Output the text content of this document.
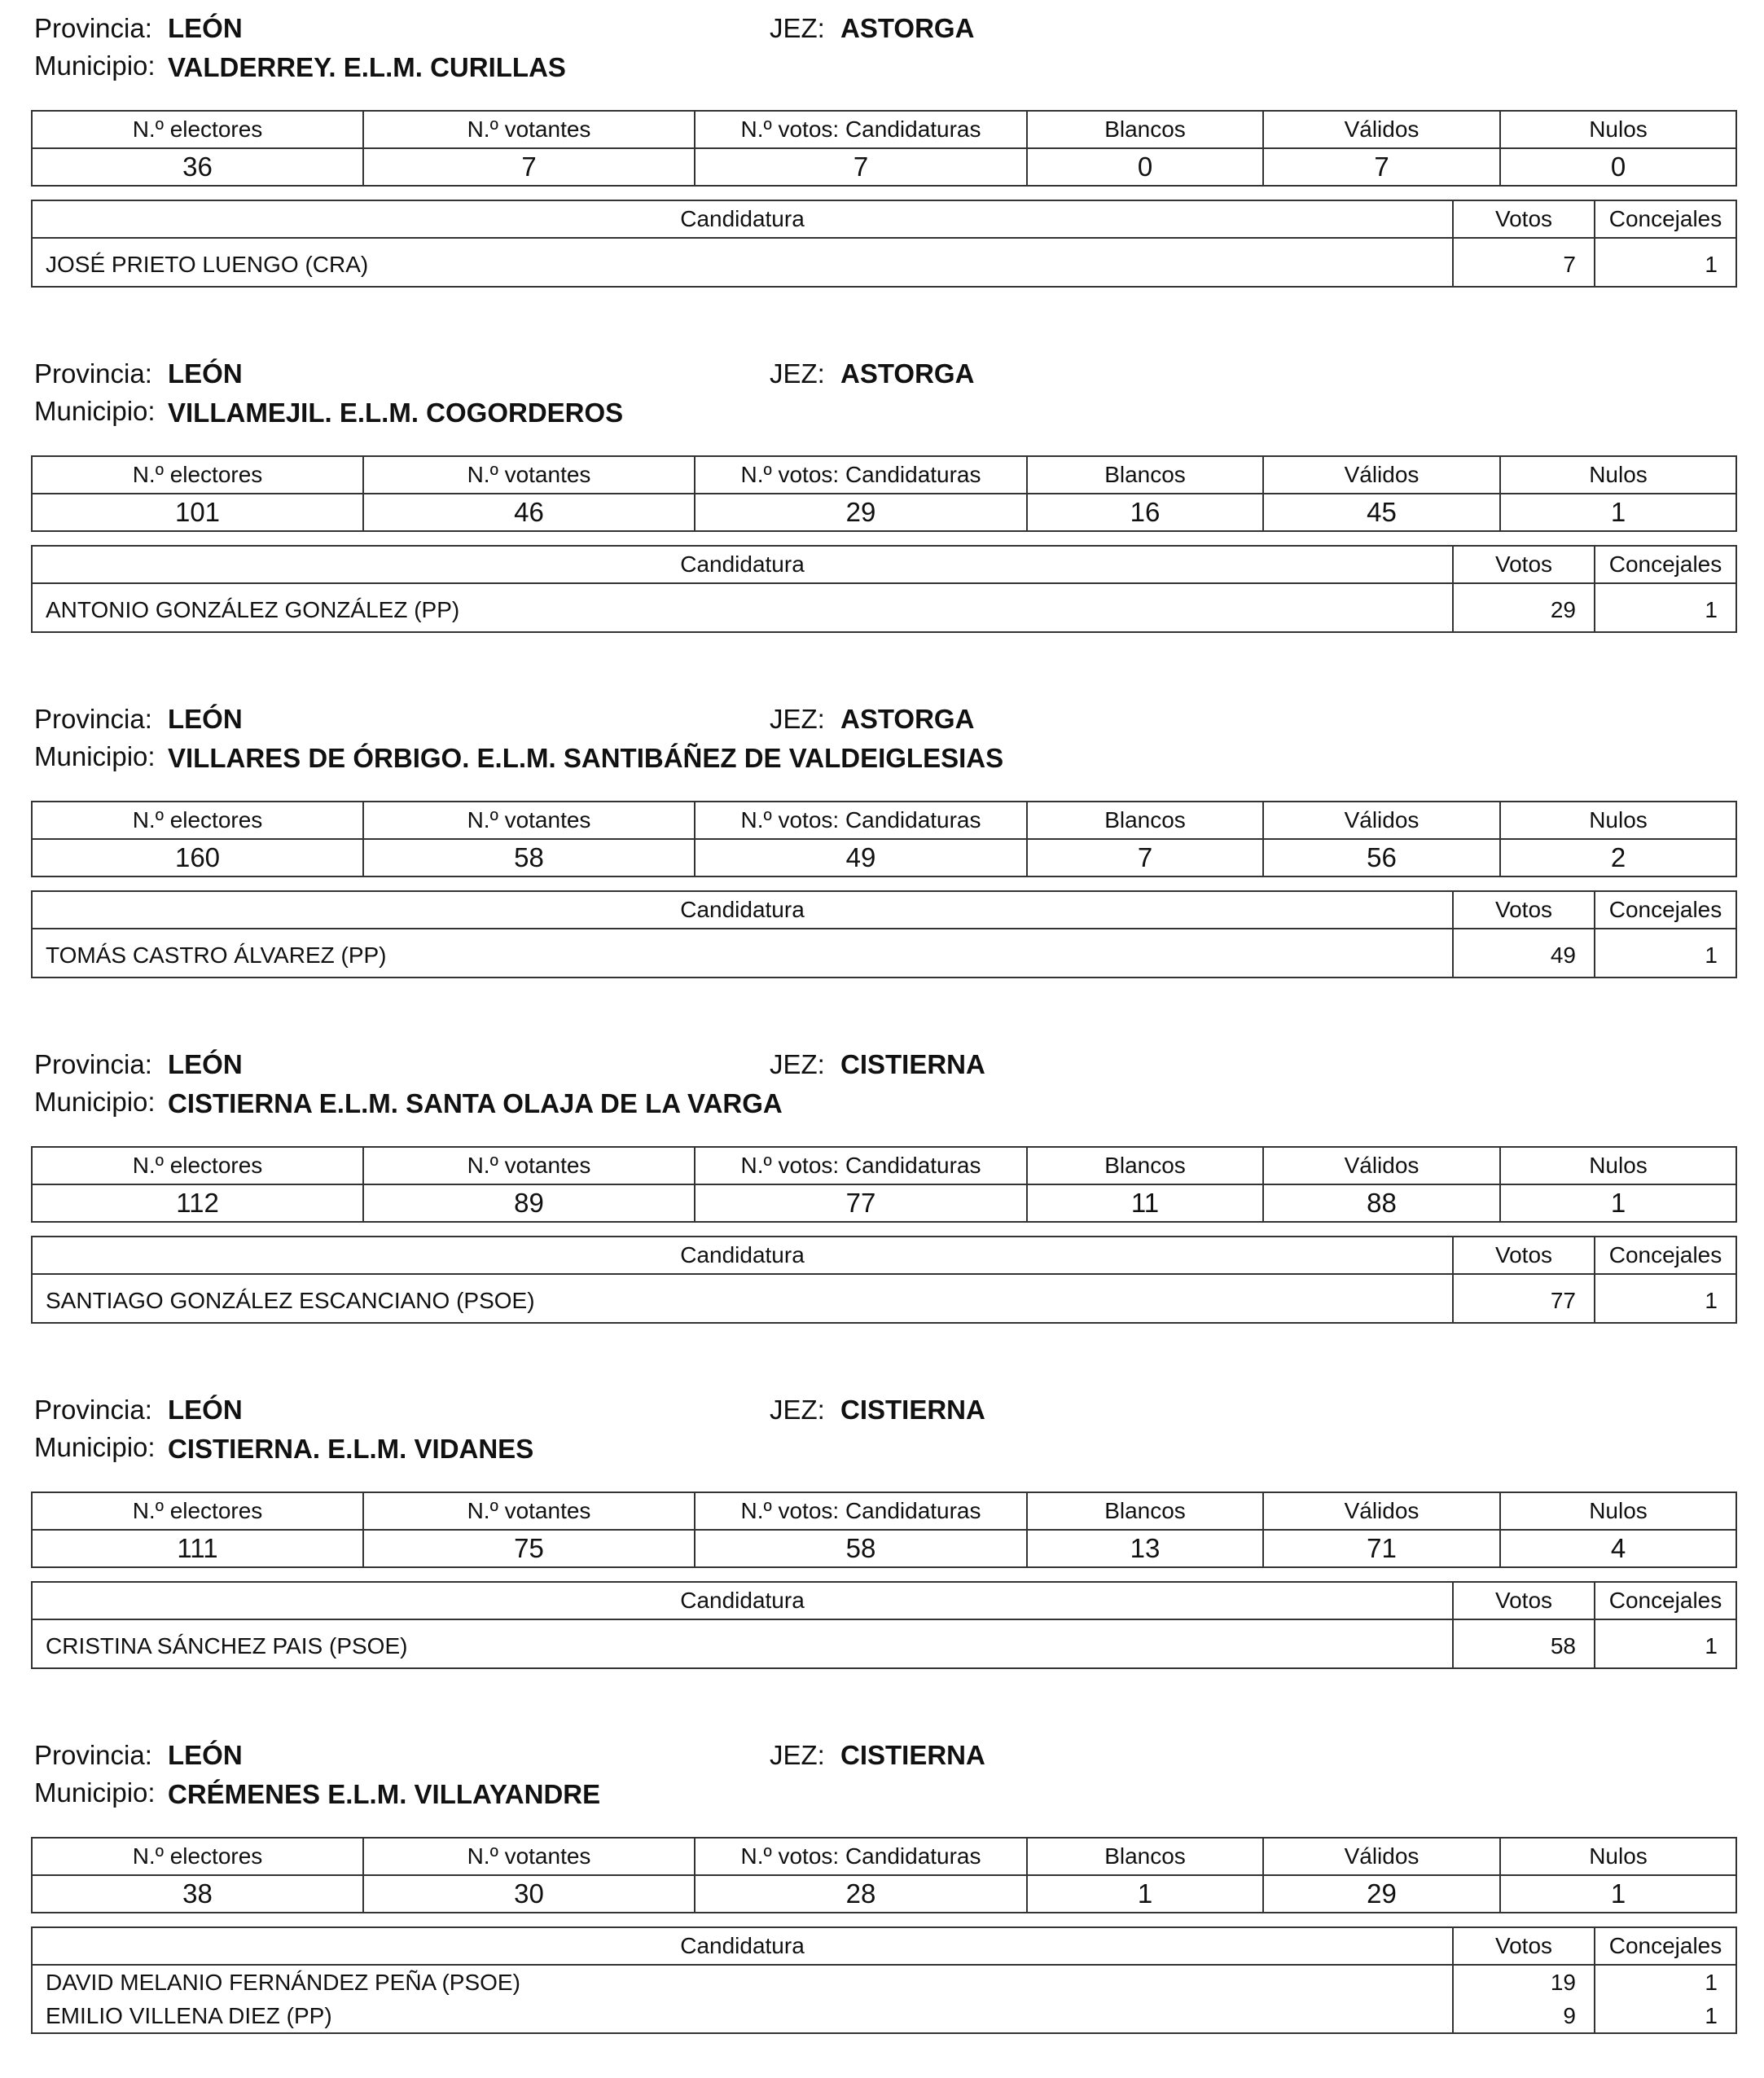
Provincia: LEÓN	JEZ: ASTORGA
Municipio: VALDERREY. E.L.M. CURILLAS
N.º electores	N.º votantes	N.º votos: Candidaturas	Blancos	Válidos	Nulos
36	7	7	0	7	0
Candidatura	Votos	Concejales
JOSÉ PRIETO LUENGO (CRA)	7	1
Provincia: LEÓN	JEZ: ASTORGA
Municipio: VILLAMEJIL. E.L.M. COGORDEROS
N.º electores	N.º votantes	N.º votos: Candidaturas	Blancos	Válidos	Nulos
101	46	29	16	45	1
Candidatura	Votos	Concejales
ANTONIO GONZÁLEZ GONZÁLEZ (PP)	29	1
Provincia: LEÓN	JEZ: ASTORGA
Municipio: VILLARES DE ÓRBIGO. E.L.M. SANTIBÁÑEZ DE VALDEIGLESIAS
N.º electores	N.º votantes	N.º votos: Candidaturas	Blancos	Válidos	Nulos
160	58	49	7	56	2
Candidatura	Votos	Concejales
TOMÁS CASTRO ÁLVAREZ (PP)	49	1
Provincia: LEÓN	JEZ: CISTIERNA
Municipio: CISTIERNA E.L.M. SANTA OLAJA DE LA VARGA
N.º electores	N.º votantes	N.º votos: Candidaturas	Blancos	Válidos	Nulos
112	89	77	11	88	1
Candidatura	Votos	Concejales
SANTIAGO GONZÁLEZ ESCANCIANO (PSOE)	77	1
Provincia: LEÓN	JEZ: CISTIERNA
Municipio: CISTIERNA. E.L.M. VIDANES
N.º electores	N.º votantes	N.º votos: Candidaturas	Blancos	Válidos	Nulos
111	75	58	13	71	4
Candidatura	Votos	Concejales
CRISTINA SÁNCHEZ PAIS (PSOE)	58	1
Provincia: LEÓN	JEZ: CISTIERNA
Municipio: CRÉMENES E.L.M. VILLAYANDRE
N.º electores	N.º votantes	N.º votos: Candidaturas	Blancos	Válidos	Nulos
38	30	28	1	29	1
Candidatura	Votos	Concejales
DAVID MELANIO FERNÁNDEZ PEÑA (PSOE)	19	1
EMILIO VILLENA DIEZ (PP)	9	1
